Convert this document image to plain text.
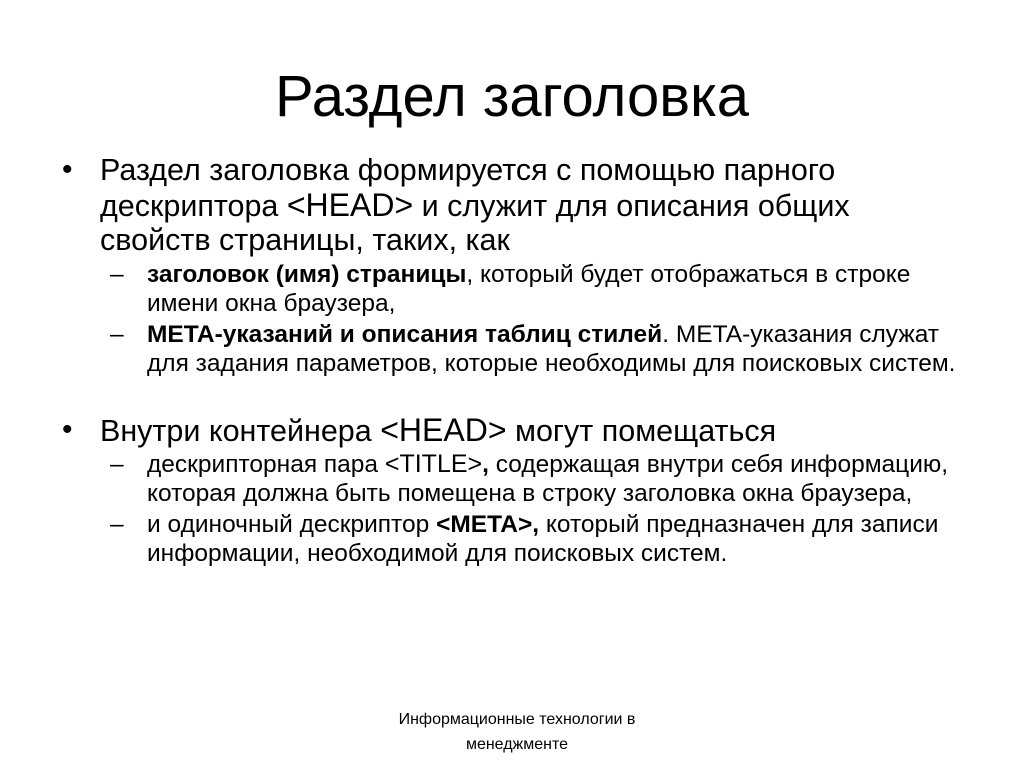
Раздел заголовка
• Раздел заголовка формируется с помощью парного дескриптора <HEAD> и служит для описания общих свойств страницы, таких, как
– заголовок (имя) страницы, который будет отображаться в строке имени окна браузера,
– META-указаний и описания таблиц стилей. META-указания служат для задания параметров, которые необходимы для поисковых систем.
• Внутри контейнера <HEAD> могут помещаться
– дескрипторная пара <TITLE>, содержащая внутри себя информацию, которая должна быть помещена в строку заголовка окна браузера,
– и одиночный дескриптор <META>, который предназначен для записи информации, необходимой для поисковых систем.
Информационные технологии в
менеджменте
